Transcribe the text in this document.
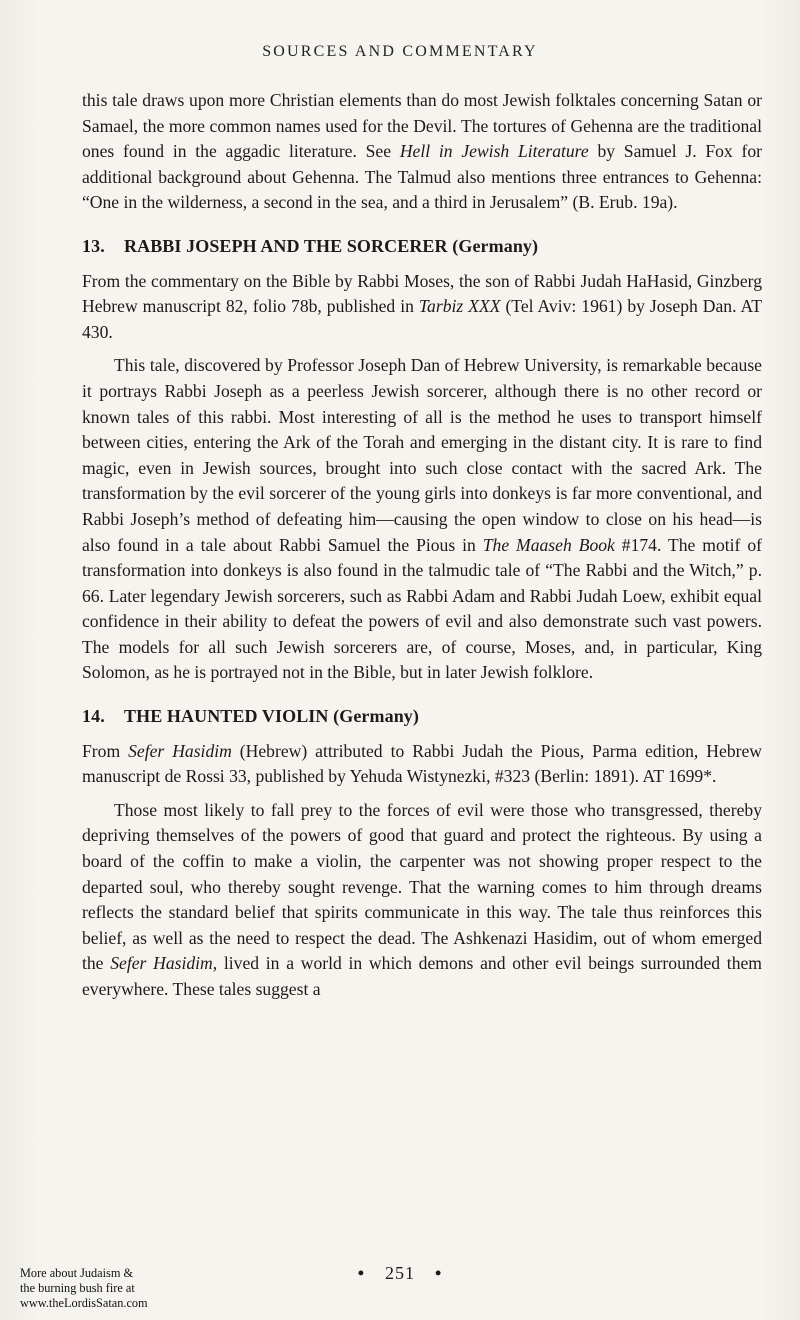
SOURCES AND COMMENTARY

this tale draws upon more Christian elements than do most Jewish folktales concerning Satan or Samael, the more common names used for the Devil. The tortures of Gehenna are the traditional ones found in the aggadic literature. See Hell in Jewish Literature by Samuel J. Fox for additional background about Gehenna. The Talmud also mentions three entrances to Gehenna: “One in the wilderness, a second in the sea, and a third in Jerusalem” (B. Erub. 19a).

13. RABBI JOSEPH AND THE SORCERER (Germany)

From the commentary on the Bible by Rabbi Moses, the son of Rabbi Judah HaHasid, Ginzberg Hebrew manuscript 82, folio 78b, published in Tarbiz XXX (Tel Aviv: 1961) by Joseph Dan. AT 430.

This tale, discovered by Professor Joseph Dan of Hebrew University, is remarkable because it portrays Rabbi Joseph as a peerless Jewish sorcerer, although there is no other record or known tales of this rabbi. Most interesting of all is the method he uses to transport himself between cities, entering the Ark of the Torah and emerging in the distant city. It is rare to find magic, even in Jewish sources, brought into such close contact with the sacred Ark. The transformation by the evil sorcerer of the young girls into donkeys is far more conventional, and Rabbi Joseph’s method of defeating him—causing the open window to close on his head—is also found in a tale about Rabbi Samuel the Pious in The Maaseh Book #174. The motif of transformation into donkeys is also found in the talmudic tale of “The Rabbi and the Witch,” p. 66. Later legendary Jewish sorcerers, such as Rabbi Adam and Rabbi Judah Loew, exhibit equal confidence in their ability to defeat the powers of evil and also demonstrate such vast powers. The models for all such Jewish sorcerers are, of course, Moses, and, in particular, King Solomon, as he is portrayed not in the Bible, but in later Jewish folklore.

14. THE HAUNTED VIOLIN (Germany)

From Sefer Hasidim (Hebrew) attributed to Rabbi Judah the Pious, Parma edition, Hebrew manuscript de Rossi 33, published by Yehuda Wistynezki, #323 (Berlin: 1891). AT 1699*.

Those most likely to fall prey to the forces of evil were those who transgressed, thereby depriving themselves of the powers of good that guard and protect the righteous. By using a board of the coffin to make a violin, the carpenter was not showing proper respect to the departed soul, who thereby sought revenge. That the warning comes to him through dreams reflects the standard belief that spirits communicate in this way. The tale thus reinforces this belief, as well as the need to respect the dead. The Ashkenazi Hasidim, out of whom emerged the Sefer Hasidim, lived in a world in which demons and other evil beings surrounded them everywhere. These tales suggest a

• 251 •
More about Judaism &
the burning bush fire at
www.theLordisSatan.com
